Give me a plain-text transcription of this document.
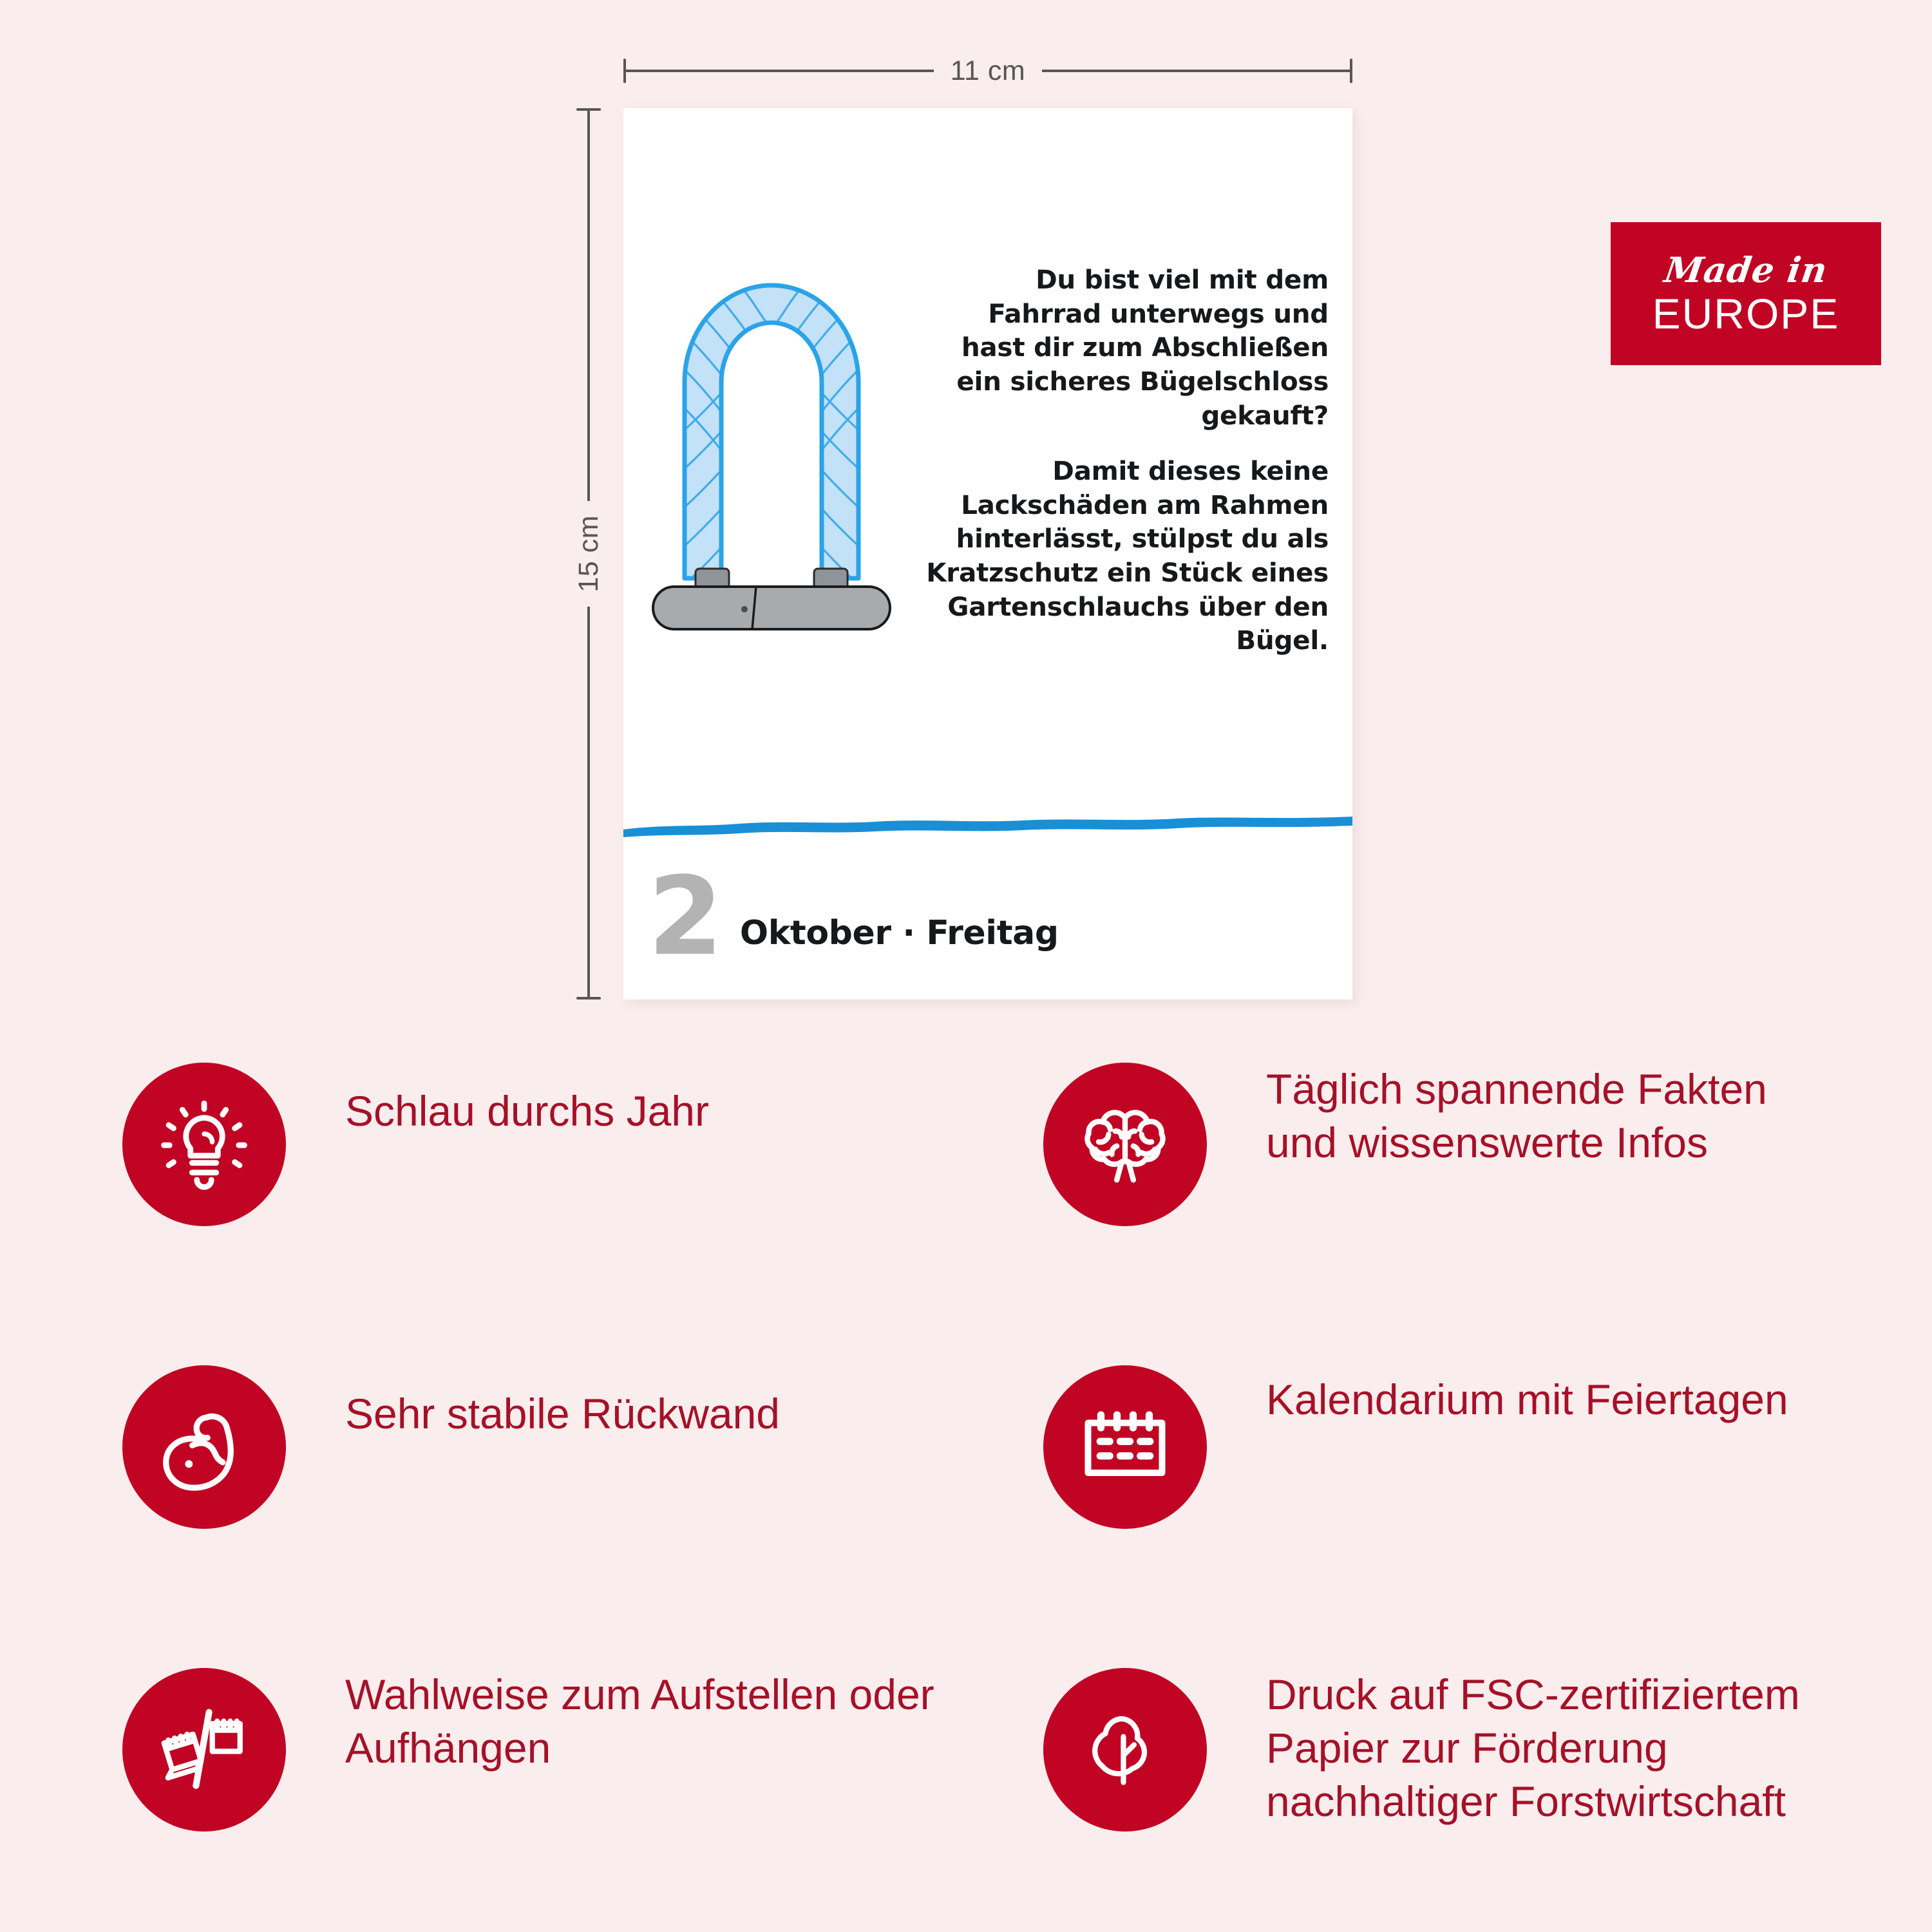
11 cm
15 cm

Du bist viel mit dem Fahrrad unterwegs und hast dir zum Abschließen ein sicheres Bügelschloss gekauft?

Damit dieses keine Lackschäden am Rahmen hinterlässt, stülpst du als Kratzschutz ein Stück eines Gartenschlauchs über den Bügel.

2 Oktober · Freitag
Made in
EUROPE
Schlau durchs Jahr	Täglich spannende Fakten und wissenswerte Infos
Sehr stabile Rückwand	Kalendarium mit Feiertagen
Wahlweise zum Aufstellen oder Aufhängen
Druck auf FSC-zertifiziertem Papier zur Förderung nachhaltiger Forstwirtschaft
